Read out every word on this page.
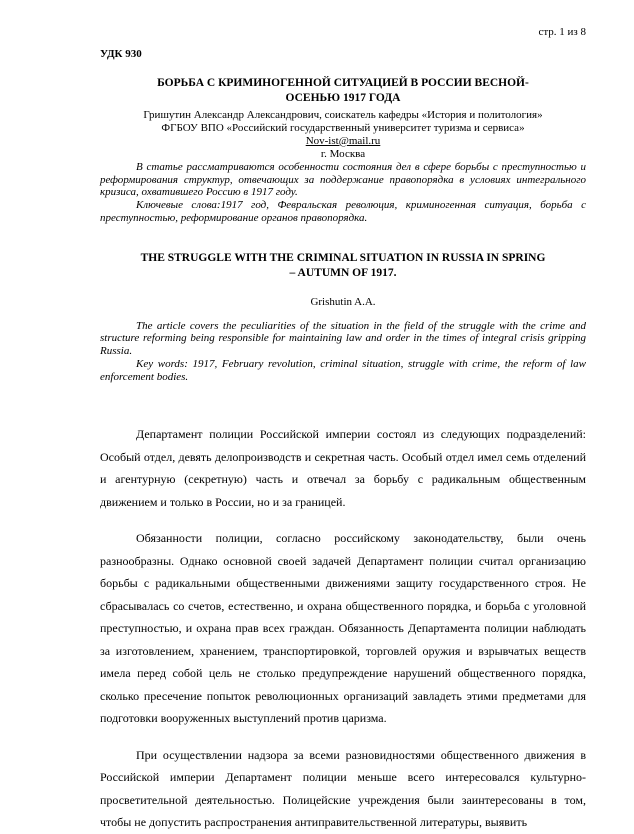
стр. 1 из 8
УДК 930
БОРЬБА С КРИМИНОГЕННОЙ СИТУАЦИЕЙ В РОССИИ ВЕСНОЙ-ОСЕНЬЮ 1917 ГОДА
Гришутин Александр Александрович, соискатель кафедры «История и политология»
ФГБОУ ВПО «Российский государственный университет туризма и сервиса»
Nov-ist@mail.ru
г. Москва

В статье рассматриваются особенности состояния дел в сфере борьбы с преступностью и реформирования структур, отвечающих за поддержание правопорядка в условиях интегрального кризиса, охватившего Россию в 1917 году.

Ключевые слова:1917 год, Февральская революция, криминогенная ситуация, борьба с преступностью, реформирование органов правопорядка.

THE STRUGGLE WITH THE CRIMINAL SITUATION IN RUSSIA IN SPRING – AUTUMN OF 1917.
Grishutin A.A.

The article covers the peculiarities of the situation in the field of the struggle with the crime and structure reforming being responsible for maintaining law and order in the times of integral crisis gripping Russia.

Key words: 1917, February revolution, criminal situation, struggle with crime, the reform of law enforcement bodies.

Департамент полиции Российской империи состоял из следующих подразделений: Особый отдел, девять делопроизводств и секретная часть. Особый отдел имел семь отделений и агентурную (секретную) часть и отвечал за борьбу с радикальным общественным движением и только в России, но и за границей.

Обязанности полиции, согласно российскому законодательству, были очень разнообразны. Однако основной своей задачей Департамент полиции считал организацию борьбы с радикальными общественными движениями защиту государственного строя. Не сбрасывалась со счетов, естественно, и охрана общественного порядка, и борьба с уголовной преступностью, и охрана прав всех граждан. Обязанность Департамента полиции наблюдать за изготовлением, хранением, транспортировкой, торговлей оружия и взрывчатых веществ имела перед собой цель не столько предупреждение нарушений общественного порядка, сколько пресечение попыток революционных организаций завладеть этими предметами для подготовки вооруженных выступлений против царизма.

При осуществлении надзора за всеми разновидностями общественного движения в Российской империи Департамент полиции меньше всего интересовался культурно-просветительной деятельностью. Полицейские учреждения были заинтересованы в том, чтобы не допустить распространения антиправительственной литературы, выявить
